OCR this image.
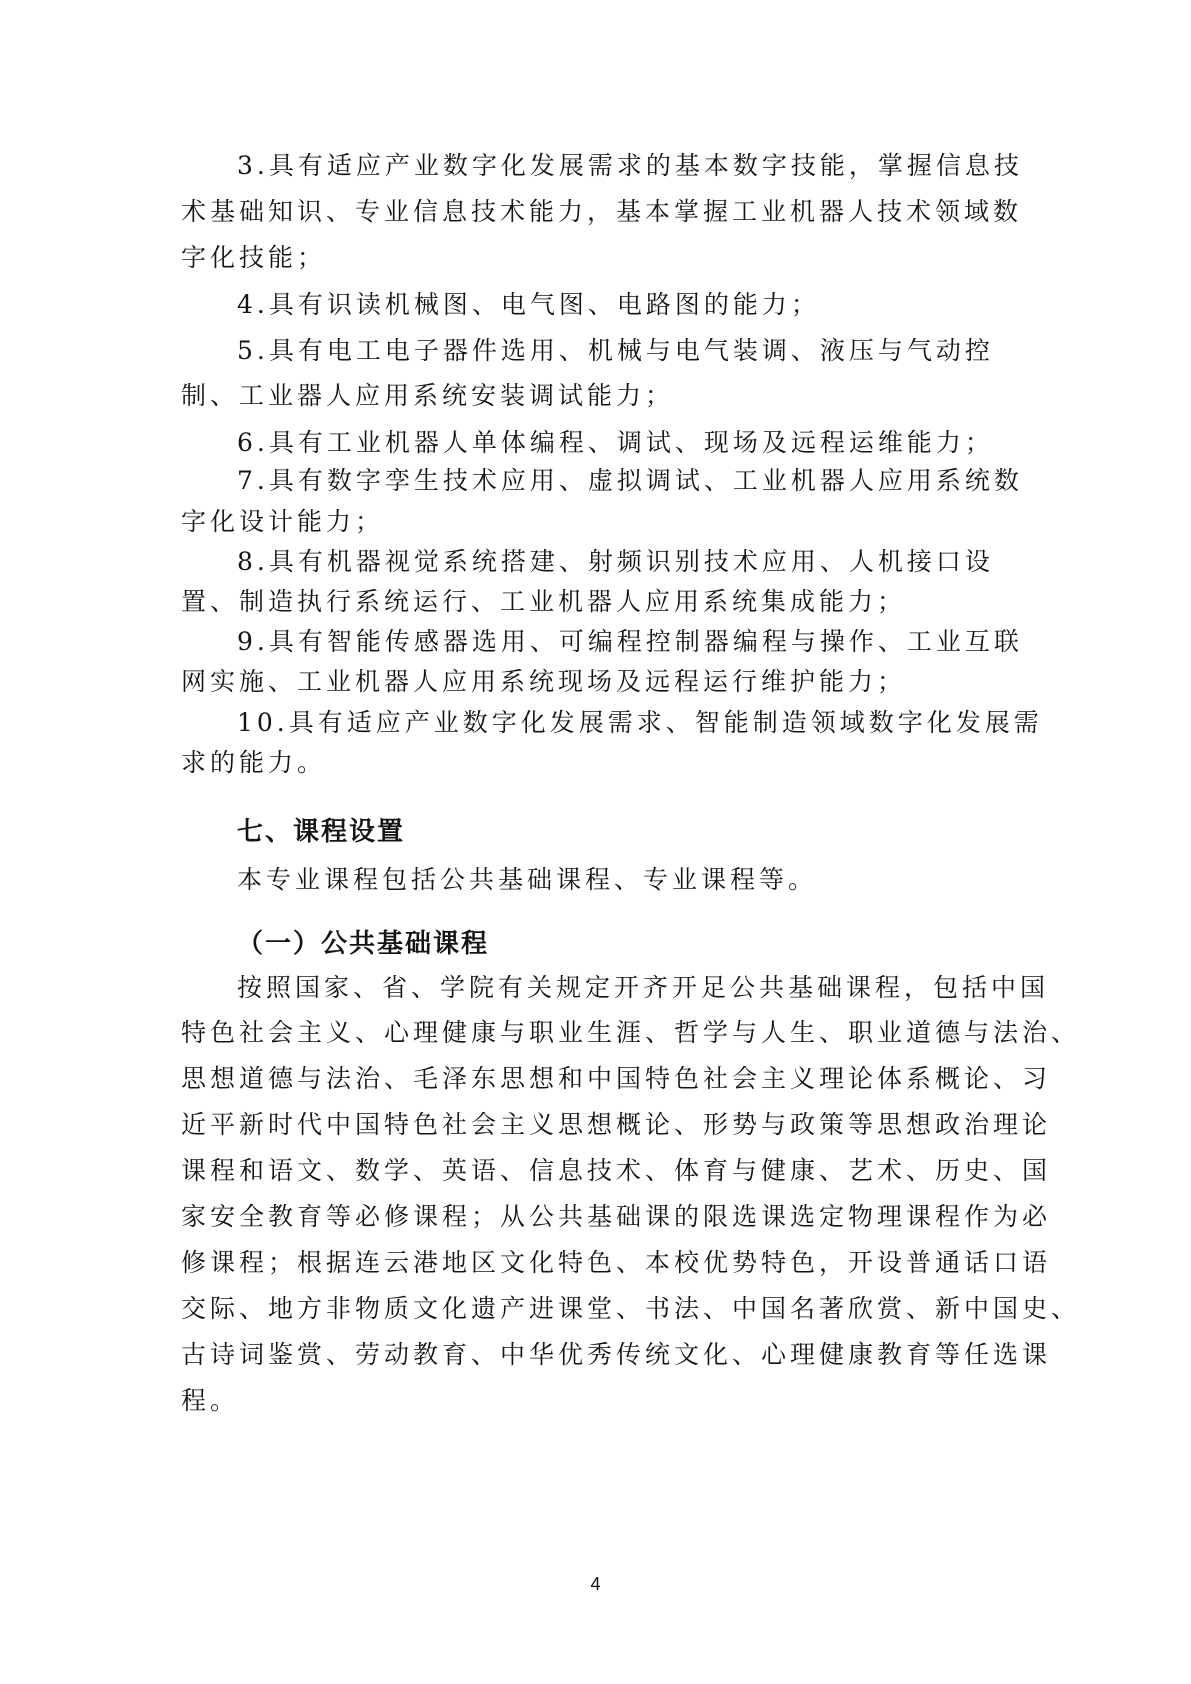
3.具有适应产业数字化发展需求的基本数字技能，掌握信息技

术基础知识、专业信息技术能力，基本掌握工业机器人技术领域数

字化技能；

4.具有识读机械图、电气图、电路图的能力；

5.具有电工电子器件选用、机械与电气装调、液压与气动控

制、工业器人应用系统安装调试能力；

6.具有工业机器人单体编程、调试、现场及远程运维能力；

7.具有数字孪生技术应用、虚拟调试、工业机器人应用系统数

字化设计能力；

8.具有机器视觉系统搭建、射频识别技术应用、人机接口设

置、制造执行系统运行、工业机器人应用系统集成能力；

9.具有智能传感器选用、可编程控制器编程与操作、工业互联

网实施、工业机器人应用系统现场及远程运行维护能力；

10.具有适应产业数字化发展需求、智能制造领域数字化发展需

求的能力。

七、课程设置

本专业课程包括公共基础课程、专业课程等。

（一）公共基础课程

按照国家、省、学院有关规定开齐开足公共基础课程，包括中国

特色社会主义、心理健康与职业生涯、哲学与人生、职业道德与法治、

思想道德与法治、毛泽东思想和中国特色社会主义理论体系概论、习

近平新时代中国特色社会主义思想概论、形势与政策等思想政治理论

课程和语文、数学、英语、信息技术、体育与健康、艺术、历史、国

家安全教育等必修课程；从公共基础课的限选课选定物理课程作为必

修课程；根据连云港地区文化特色、本校优势特色，开设普通话口语

交际、地方非物质文化遗产进课堂、书法、中国名著欣赏、新中国史、

古诗词鉴赏、劳动教育、中华优秀传统文化、心理健康教育等任选课

程。

4
